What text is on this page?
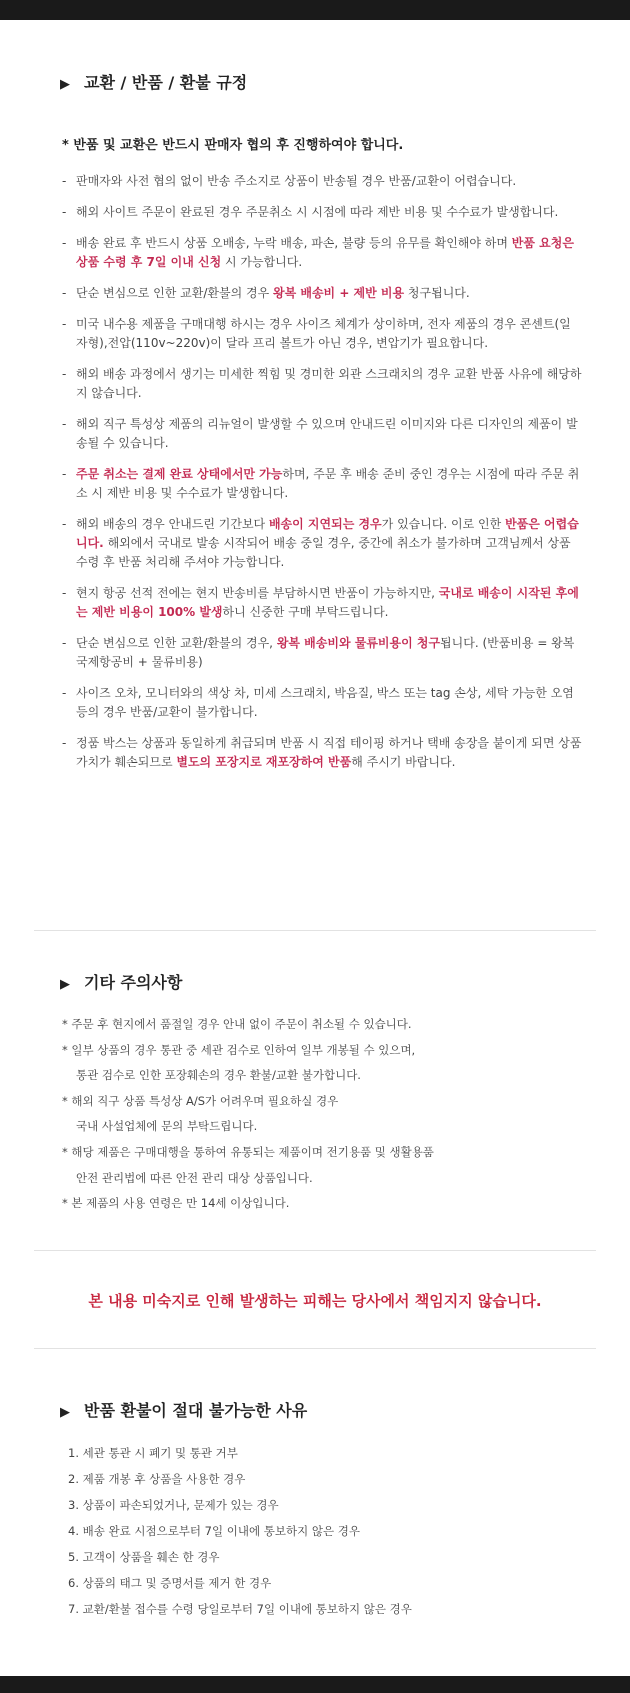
▶ 교환 / 반품 / 환불 규정
* 반품 및 교환은 반드시 판매자 협의 후 진행하여야 합니다.
- 판매자와 사전 협의 없이 반송 주소지로 상품이 반송될 경우 반품/교환이 어렵습니다.
- 해외 사이트 주문이 완료된 경우 주문취소 시 시점에 따라 제반 비용 및 수수료가 발생합니다.
- 배송 완료 후 반드시 상품 오배송, 누락 배송, 파손, 불량 등의 유무를 확인해야 하며 반품 요청은 상품 수령 후 7일 이내 신청 시 가능합니다.
- 단순 변심으로 인한 교환/환불의 경우 왕복 배송비 + 제반 비용 청구됩니다.
- 미국 내수용 제품을 구매대행 하시는 경우 사이즈 체계가 상이하며, 전자 제품의 경우 콘센트(일자형),전압(110v~220v)이 달라 프리 볼트가 아닌 경우, 변압기가 필요합니다.
- 해외 배송 과정에서 생기는 미세한 찍힘 및 경미한 외관 스크래치의 경우 교환 반품 사유에 해당하지 않습니다.
- 해외 직구 특성상 제품의 리뉴얼이 발생할 수 있으며 안내드린 이미지와 다른 디자인의 제품이 발송될 수 있습니다.
- 주문 취소는 결제 완료 상태에서만 가능하며, 주문 후 배송 준비 중인 경우는 시점에 따라 주문 취소 시 제반 비용 및 수수료가 발생합니다.
- 해외 배송의 경우 안내드린 기간보다 배송이 지연되는 경우가 있습니다. 이로 인한 반품은 어렵습니다. 해외에서 국내로 발송 시작되어 배송 중일 경우, 중간에 취소가 불가하며 고객님께서 상품 수령 후 반품 처리해 주셔야 가능합니다.
- 현지 항공 선적 전에는 현지 반송비를 부담하시면 반품이 가능하지만, 국내로 배송이 시작된 후에는 제반 비용이 100% 발생하니 신중한 구매 부탁드립니다.
- 단순 변심으로 인한 교환/환불의 경우, 왕복 배송비와 물류비용이 청구됩니다. (반품비용 = 왕복 국제항공비 + 물류비용)
- 사이즈 오차, 모니터와의 색상 차, 미세 스크래치, 박음질, 박스 또는 tag 손상, 세탁 가능한 오염 등의 경우 반품/교환이 불가합니다.
- 정품 박스는 상품과 동일하게 취급되며 반품 시 직접 테이핑 하거나 택배 송장을 붙이게 되면 상품가치가 훼손되므로 별도의 포장지로 재포장하여 반품해 주시기 바랍니다.
▶ 기타 주의사항
* 주문 후 현지에서 품절일 경우 안내 없이 주문이 취소될 수 있습니다.
* 일부 상품의 경우 통관 중 세관 검수로 인하여 일부 개봉될 수 있으며,
통관 검수로 인한 포장훼손의 경우 환불/교환 불가합니다.
* 해외 직구 상품 특성상 A/S가 어려우며 필요하실 경우
국내 사설업체에 문의 부탁드립니다.
* 해당 제품은 구매대행을 통하여 유통되는 제품이며 전기용품 및 생활용품
안전 관리법에 따른 안전 관리 대상 상품입니다.
* 본 제품의 사용 연령은 만 14세 이상입니다.
본 내용 미숙지로 인해 발생하는 피해는 당사에서 책임지지 않습니다.
▶ 반품 환불이 절대 불가능한 사유
1. 세관 통관 시 폐기 및 통관 거부
2. 제품 개봉 후 상품을 사용한 경우
3. 상품이 파손되었거나, 문제가 있는 경우
4. 배송 완료 시점으로부터 7일 이내에 통보하지 않은 경우
5. 고객이 상품을 훼손 한 경우
6. 상품의 태그 및 증명서를 제거 한 경우
7. 교환/환불 접수를 수령 당일로부터 7일 이내에 통보하지 않은 경우
